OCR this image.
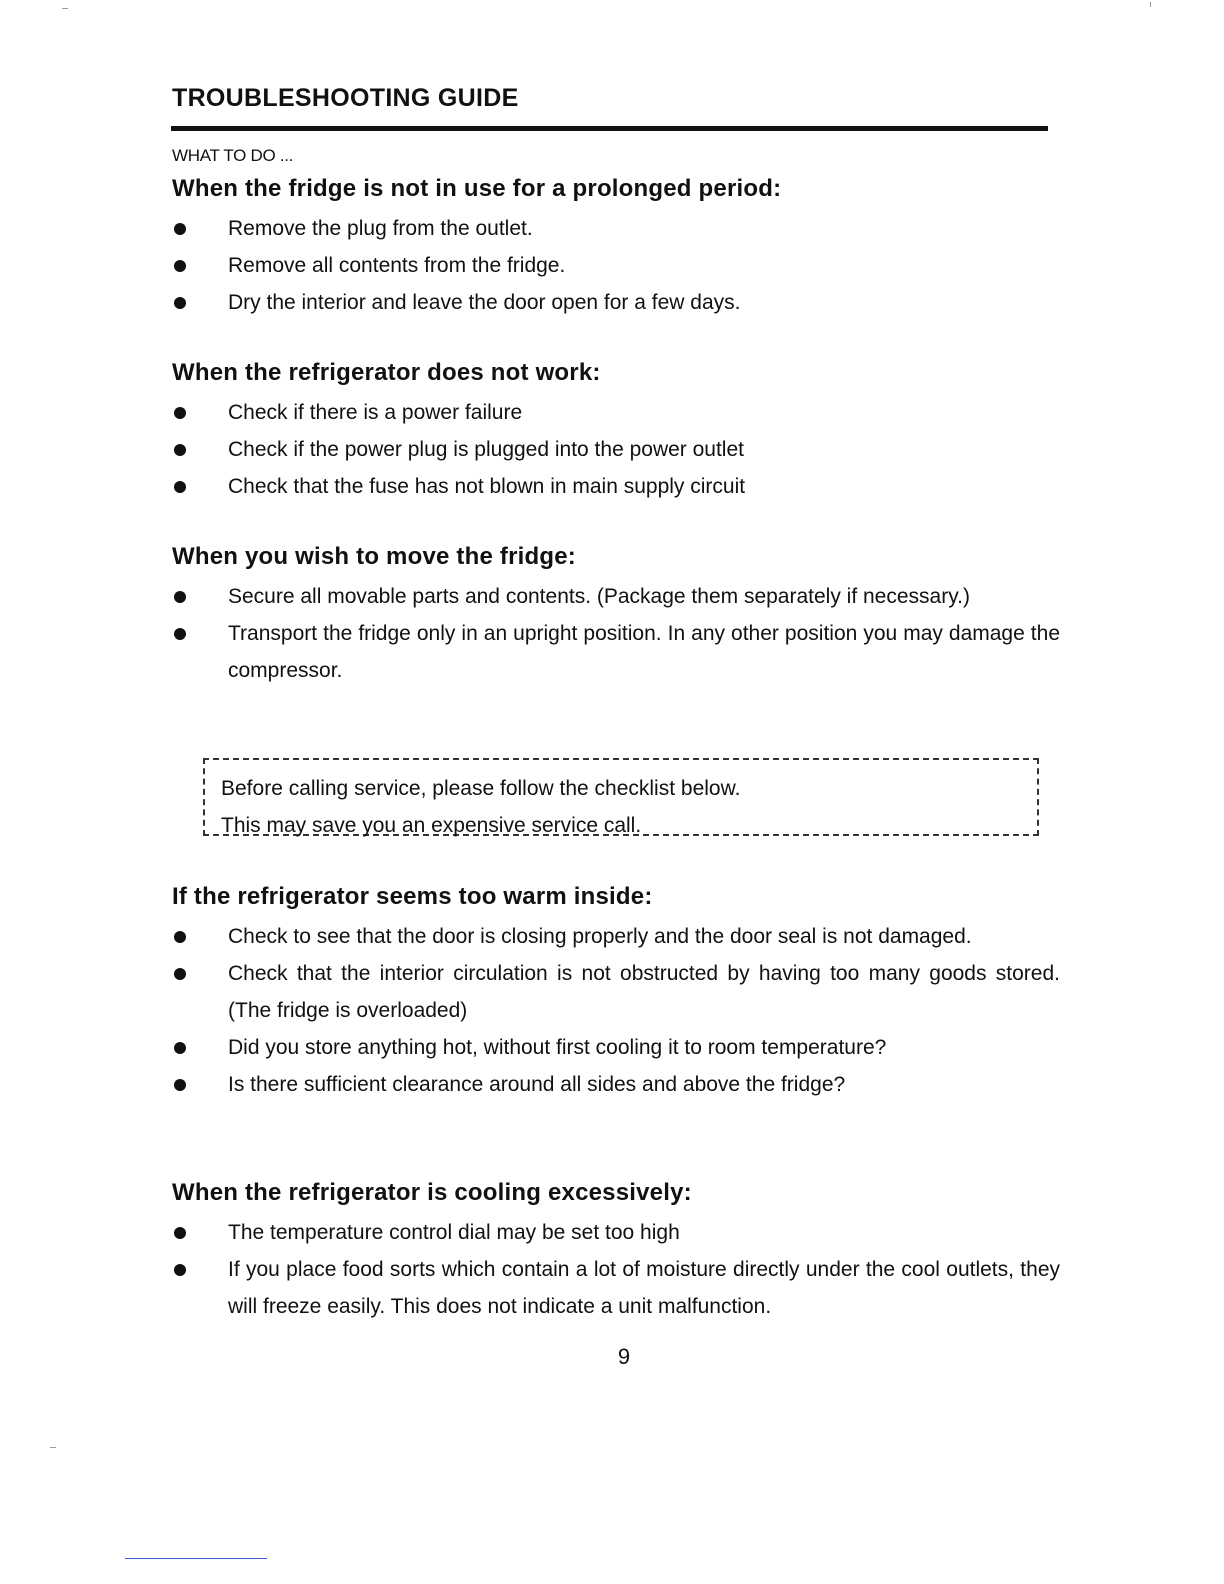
TROUBLESHOOTING GUIDE
WHAT TO DO ...
When the fridge is not in use for a prolonged period:
Remove the plug from the outlet.
Remove all contents from the fridge.
Dry the interior and leave the door open for a few days.
When the refrigerator does not work:
Check if there is a power failure
Check if the power plug is plugged into the power outlet
Check that the fuse has not blown in main supply circuit
When you wish to move the fridge:
Secure all movable parts and contents. (Package them separately if necessary.)
Transport the fridge only in an upright position. In any other position you may damage the compressor.

Before calling service, please follow the checklist below.

This may save you an expensive service call.

If the refrigerator seems too warm inside:
Check to see that the door is closing properly and the door seal is not damaged.
Check that the interior circulation is not obstructed by having too many goods stored. (The fridge is overloaded)
Did you store anything hot, without first cooling it to room temperature?
Is there sufficient clearance around all sides and above the fridge?
When the refrigerator is cooling excessively:
The temperature control dial may be set too high
If you place food sorts which contain a lot of moisture directly under the cool outlets, they will freeze easily. This does not indicate a unit malfunction.
9
